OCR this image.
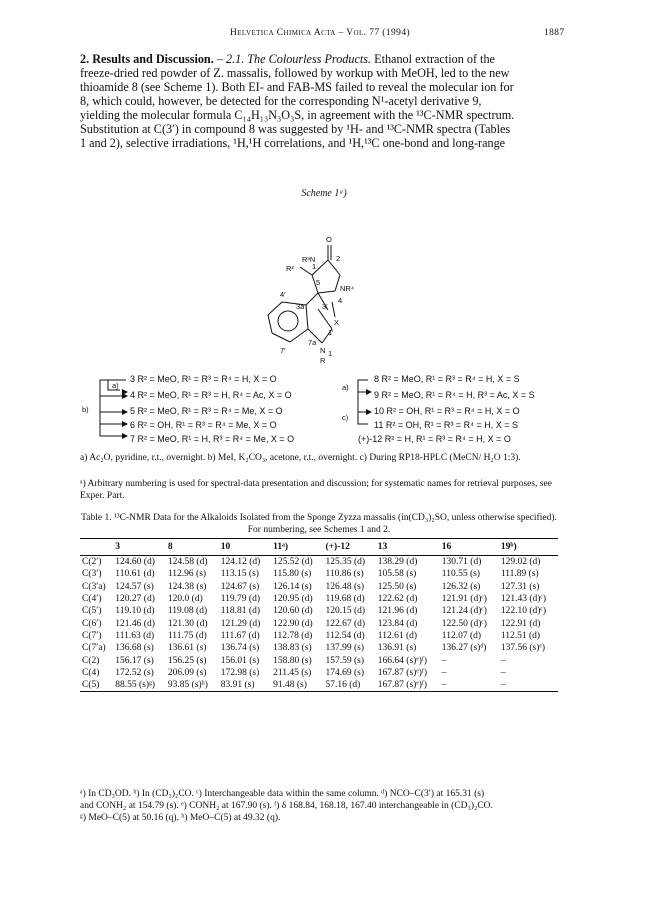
Helvetica Chimica Acta – Vol. 77 (1994)	1887

2. Results and Discussion. – 2.1. The Colourless Products. Ethanol extraction of the

freeze-dried red powder of Z. massalis, followed by workup with MeOH, led to the new

thioamide 8 (see Scheme 1). Both EI- and FAB-MS failed to reveal the molecular ion for

8, which could, however, be detected for the corresponding N¹-acetyl derivative 9,

yielding the molecular formula C₁₄H₁₃N₃O₃S, in agreement with the ¹³C-NMR spectrum.

Substitution at C(3′) in compound 8 was suggested by ¹H- and ¹³C-NMR spectra (Tables

1 and 2), selective irradiations, ¹H,¹H correlations, and ¹H,¹³C one-bond and long-range

Scheme 1ᵃ)
O
R³N
1
2
R²
5
NR⁴
4
4′
3a 3′
X
1′
7a
N 1
R
7′
a)
b)
a)
c)
3 R² = MeO, R¹ = R³ = R⁴ = H, X = O
4 R² = MeO, R¹ = R³ = H, R⁴ = Ac, X = O
5 R² = MeO, R¹ = R³ = R⁴ = Me, X = O
6 R² = OH, R¹ = R³ = R⁴ = Me, X = O
7 R² = MeO, R¹ = H, R³ = R⁴ = Me, X = O
8 R² = MeO, R¹ = R³ = R⁴ = H, X = S
9 R² = MeO, R¹ = R⁴ = H, R³ = Ac, X = S
10 R² = OH, R¹ = R³ = R⁴ = H, X = O
11 R² = OH, R¹ = R³ = R⁴ = H, X = S
(+)-12 R² = H, R¹ = R³ = R⁴ = H, X = O
a) Ac₂O, pyridine, r.t., overnight. b) MeI, K₂CO₃, acetone, r.t., overnight. c) During RP18-HPLC (MeCN/ H₂O 1:3).
ᵃ) Arbitrary numbering is used for spectral-data presentation and discussion; for systematic names for retrieval purposes, see Exper. Part.
Table 1. ¹³C-NMR Data for the Alkaloids Isolated from the Sponge Zyzza massalis (in(CD₃)₂SO, unless otherwise specified). For numbering, see Schemes 1 and 2.
	3	8	10	11ᵃ)	(+)-12	13	16	19ᵇ)
C(2′)	124.60 (d)	124.58 (d)	124.12 (d)	125.52 (d)	125.35 (d)	138.29 (d)	130.71 (d)	129.02 (d)
C(3′)	110.61 (d)	112.96 (s)	113.15 (s)	115.80 (s)	110.86 (s)	105.58 (s)	110.55 (s)	111.89 (s)
C(3′a)	124.57 (s)	124.38 (s)	124.67 (s)	126.14 (s)	126.48 (s)	125.50 (s)	126.32 (s)	127.31 (s)
C(4′)	120.27 (d)	120.0 (d)	119.79 (d)	120.95 (d)	119.68 (d)	122.62 (d)	121.91 (d)ᶜ)	121.43 (d)ᶜ)
C(5′)	119.10 (d)	119.08 (d)	118.81 (d)	120.60 (d)	120.15 (d)	121.96 (d)	121.24 (d)ᶜ)	122.10 (d)ᶜ)
C(6′)	121.46 (d)	121.30 (d)	121.29 (d)	122.90 (d)	122.67 (d)	123.84 (d)	122.50 (d)ᶜ)	122.91 (d)
C(7′)	111.63 (d)	111.75 (d)	111.67 (d)	112.78 (d)	112.54 (d)	112.61 (d)	112.07 (d)	112.51 (d)
C(7′a)	136.68 (s)	136.61 (s)	136.74 (s)	138.83 (s)	137.99 (s)	136.91 (s)	136.27 (s)ᵈ)	137.56 (s)ᵉ)
C(2)	156.17 (s)	156.25 (s)	156.01 (s)	158.80 (s)	157.59 (s)	166.64 (s)ᵉ)ᶠ)	–	–
C(4)	172.52 (s)	206.09 (s)	172.98 (s)	211.45 (s)	174.69 (s)	167.87 (s)ᵉ)ᶠ)	–	–
C(5)	88.55 (s)ᵍ)	93.85 (s)ʰ)	83.91 (s)	91.48 (s)	57.16 (d)	167.87 (s)ᵉ)ᶠ)	–	–
ᵃ) In CD₃OD. ᵇ) In (CD₃)₂CO. ᶜ) Interchangeable data within the same column. ᵈ) NCO–C(3′) at 165.31 (s)
and CONH₂ at 154.79 (s). ᵉ) CONH₂ at 167.90 (s). ᶠ) δ 168.84, 168.18, 167.40 interchangeable in (CD₃)₂CO.
ᵍ) MeO–C(5) at 50.16 (q). ʰ) MeO–C(5) at 49.32 (q).
